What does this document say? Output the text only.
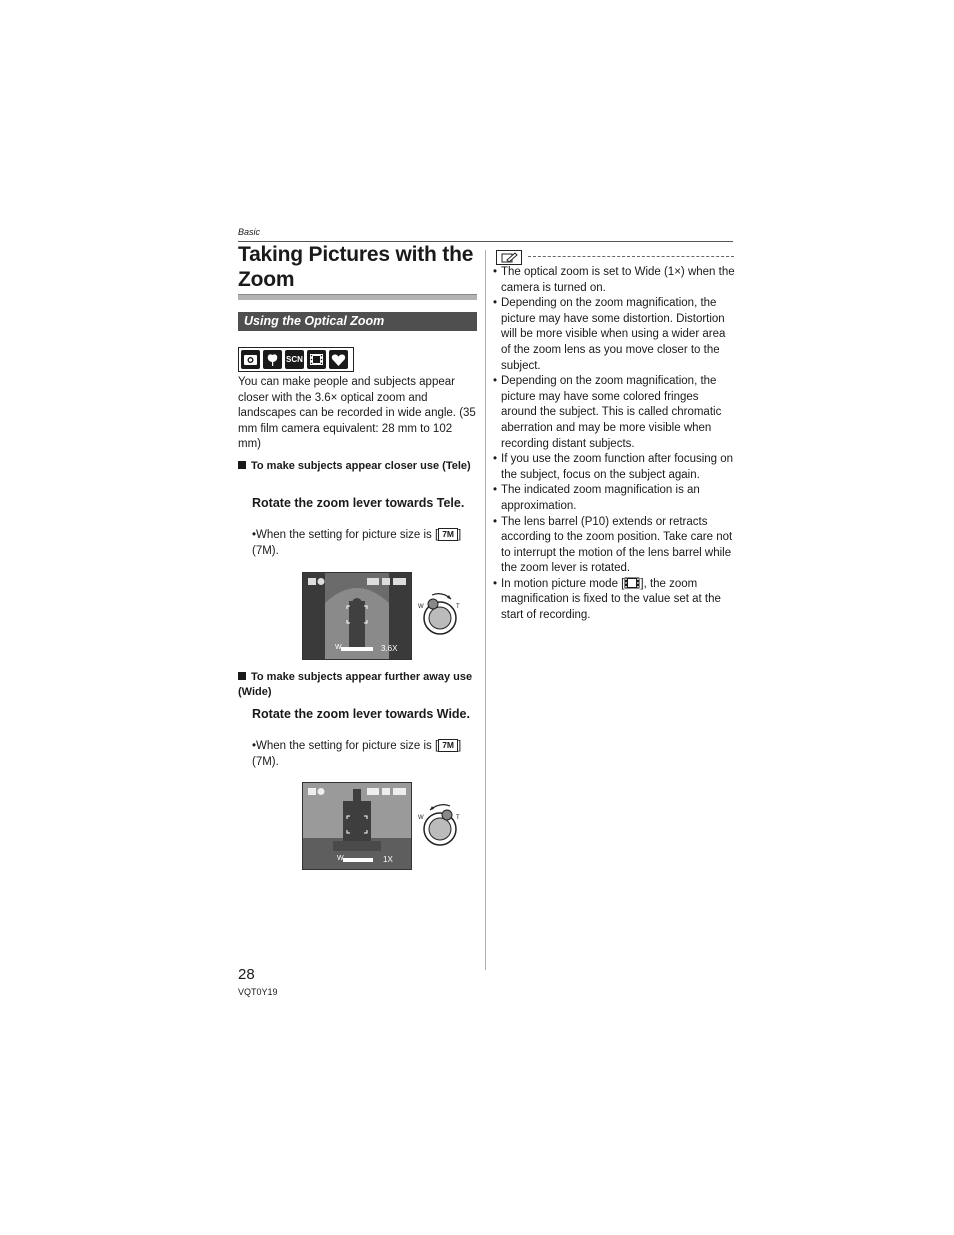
Basic
Taking Pictures with the Zoom
Using the Optical Zoom
SCN
You can make people and subjects appear closer with the 3.6× optical zoom and landscapes can be recorded in wide angle. (35 mm film camera equivalent: 28 mm to 102 mm)
To make subjects appear closer use (Tele)
Rotate the zoom lever towards Tele.
•When the setting for picture size is [ 7M ] (7M).
W	3.6X
W	T
To make subjects appear further away use (Wide)
Rotate the zoom lever towards Wide.
•When the setting for picture size is [ 7M ] (7M).
W	1X
W	T
• The optical zoom is set to Wide (1×) when the camera is turned on.
• Depending on the zoom magnification, the picture may have some distortion. Distortion will be more visible when using a wider area of the zoom lens as you move closer to the subject.
• Depending on the zoom magnification, the picture may have some colored fringes around the subject. This is called chromatic aberration and may be more visible when recording distant subjects.
• If you use the zoom function after focusing on the subject, focus on the subject again.
• The indicated zoom magnification is an approximation.
• The lens barrel (P10) extends or retracts according to the zoom position. Take care not to interrupt the motion of the lens barrel while the zoom lever is rotated.
• In motion picture mode [ ], the zoom magnification is fixed to the value set at the start of recording.
28
VQT0Y19
